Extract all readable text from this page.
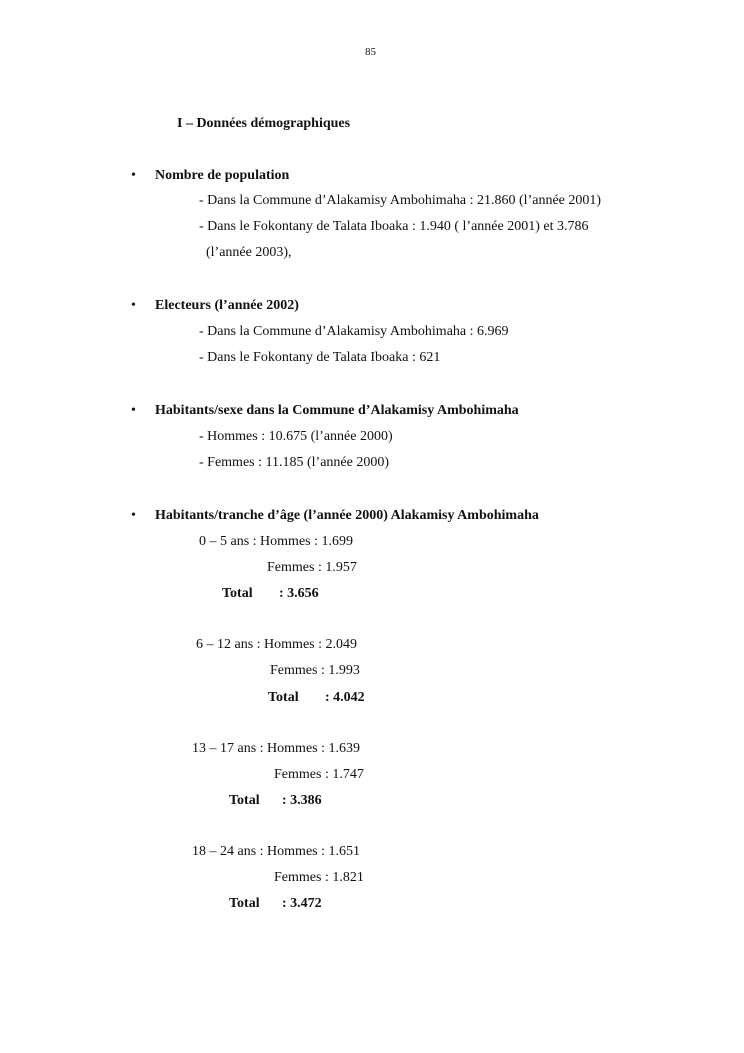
85
I – Données démographiques
• Nombre de population
- Dans la Commune d’Alakamisy Ambohimaha : 21.860 (l’année 2001)
- Dans le Fokontany de Talata Iboaka : 1.940 ( l’année 2001) et 3.786
(l’année 2003),
• Electeurs (l’année 2002)
- Dans la Commune d’Alakamisy Ambohimaha : 6.969
- Dans le Fokontany de Talata Iboaka : 621
• Habitants/sexe dans la Commune d’Alakamisy Ambohimaha
- Hommes : 10.675 (l’année 2000)
- Femmes : 11.185 (l’année 2000)
• Habitants/tranche d’âge (l’année 2000) Alakamisy Ambohimaha
0 – 5 ans : Hommes : 1.699
Femmes : 1.957
Total : 3.656
6 – 12 ans : Hommes : 2.049
Femmes : 1.993
Total : 4.042
13 – 17 ans : Hommes : 1.639
Femmes : 1.747
Total : 3.386
18 – 24 ans : Hommes : 1.651
Femmes : 1.821
Total : 3.472
